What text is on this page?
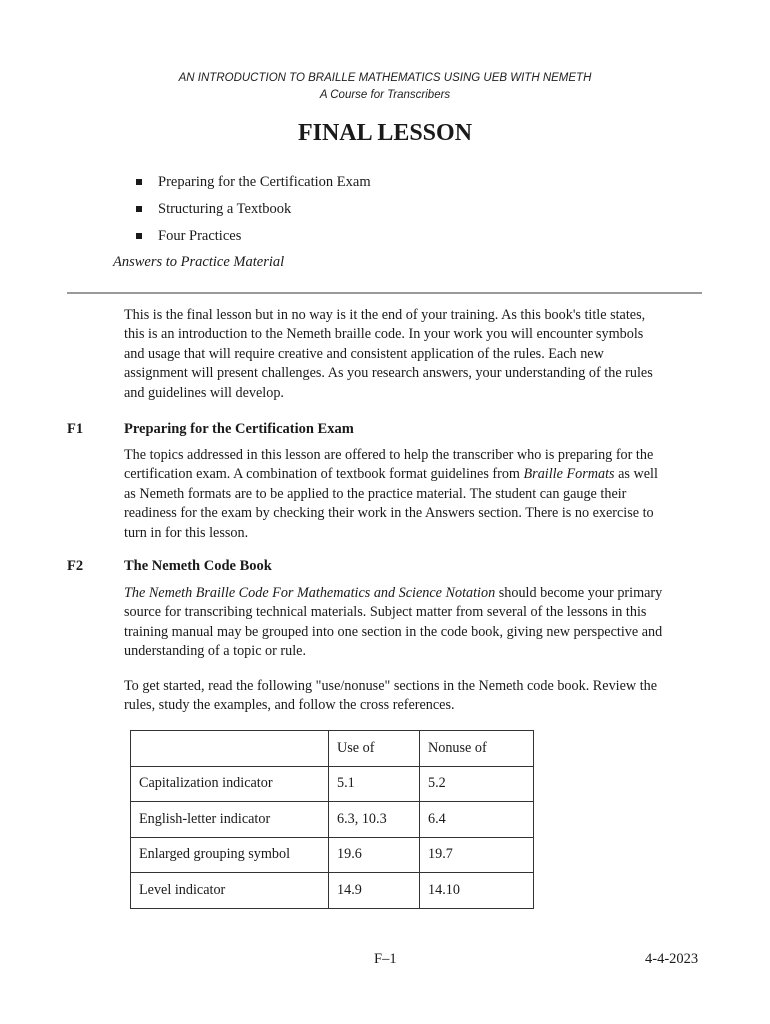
AN INTRODUCTION TO BRAILLE MATHEMATICS USING UEB WITH NEMETH
A Course for Transcribers
FINAL LESSON
Preparing for the Certification Exam
Structuring a Textbook
Four Practices
Answers to Practice Material
This is the final lesson but in no way is it the end of your training. As this book's title states,
this is an introduction to the Nemeth braille code. In your work you will encounter symbols
and usage that will require creative and consistent application of the rules. Each new
assignment will present challenges. As you research answers, your understanding of the rules
and guidelines will develop.
F1	Preparing for the Certification Exam
The topics addressed in this lesson are offered to help the transcriber who is preparing for the
certification exam. A combination of textbook format guidelines from Braille Formats as well
as Nemeth formats are to be applied to the practice material. The student can gauge their
readiness for the exam by checking their work in the Answers section. There is no exercise to
turn in for this lesson.
F2	The Nemeth Code Book
The Nemeth Braille Code For Mathematics and Science Notation should become your primary
source for transcribing technical materials. Subject matter from several of the lessons in this
training manual may be grouped into one section in the code book, giving new perspective and
understanding of a topic or rule.
To get started, read the following "use/nonuse" sections in the Nemeth code book. Review the
rules, study the examples, and follow the cross references.
	Use of	Nonuse of
Capitalization indicator	5.1	5.2
English-letter indicator	6.3, 10.3	6.4
Enlarged grouping symbol	19.6	19.7
Level indicator	14.9	14.10
F–1	4-4-2023
